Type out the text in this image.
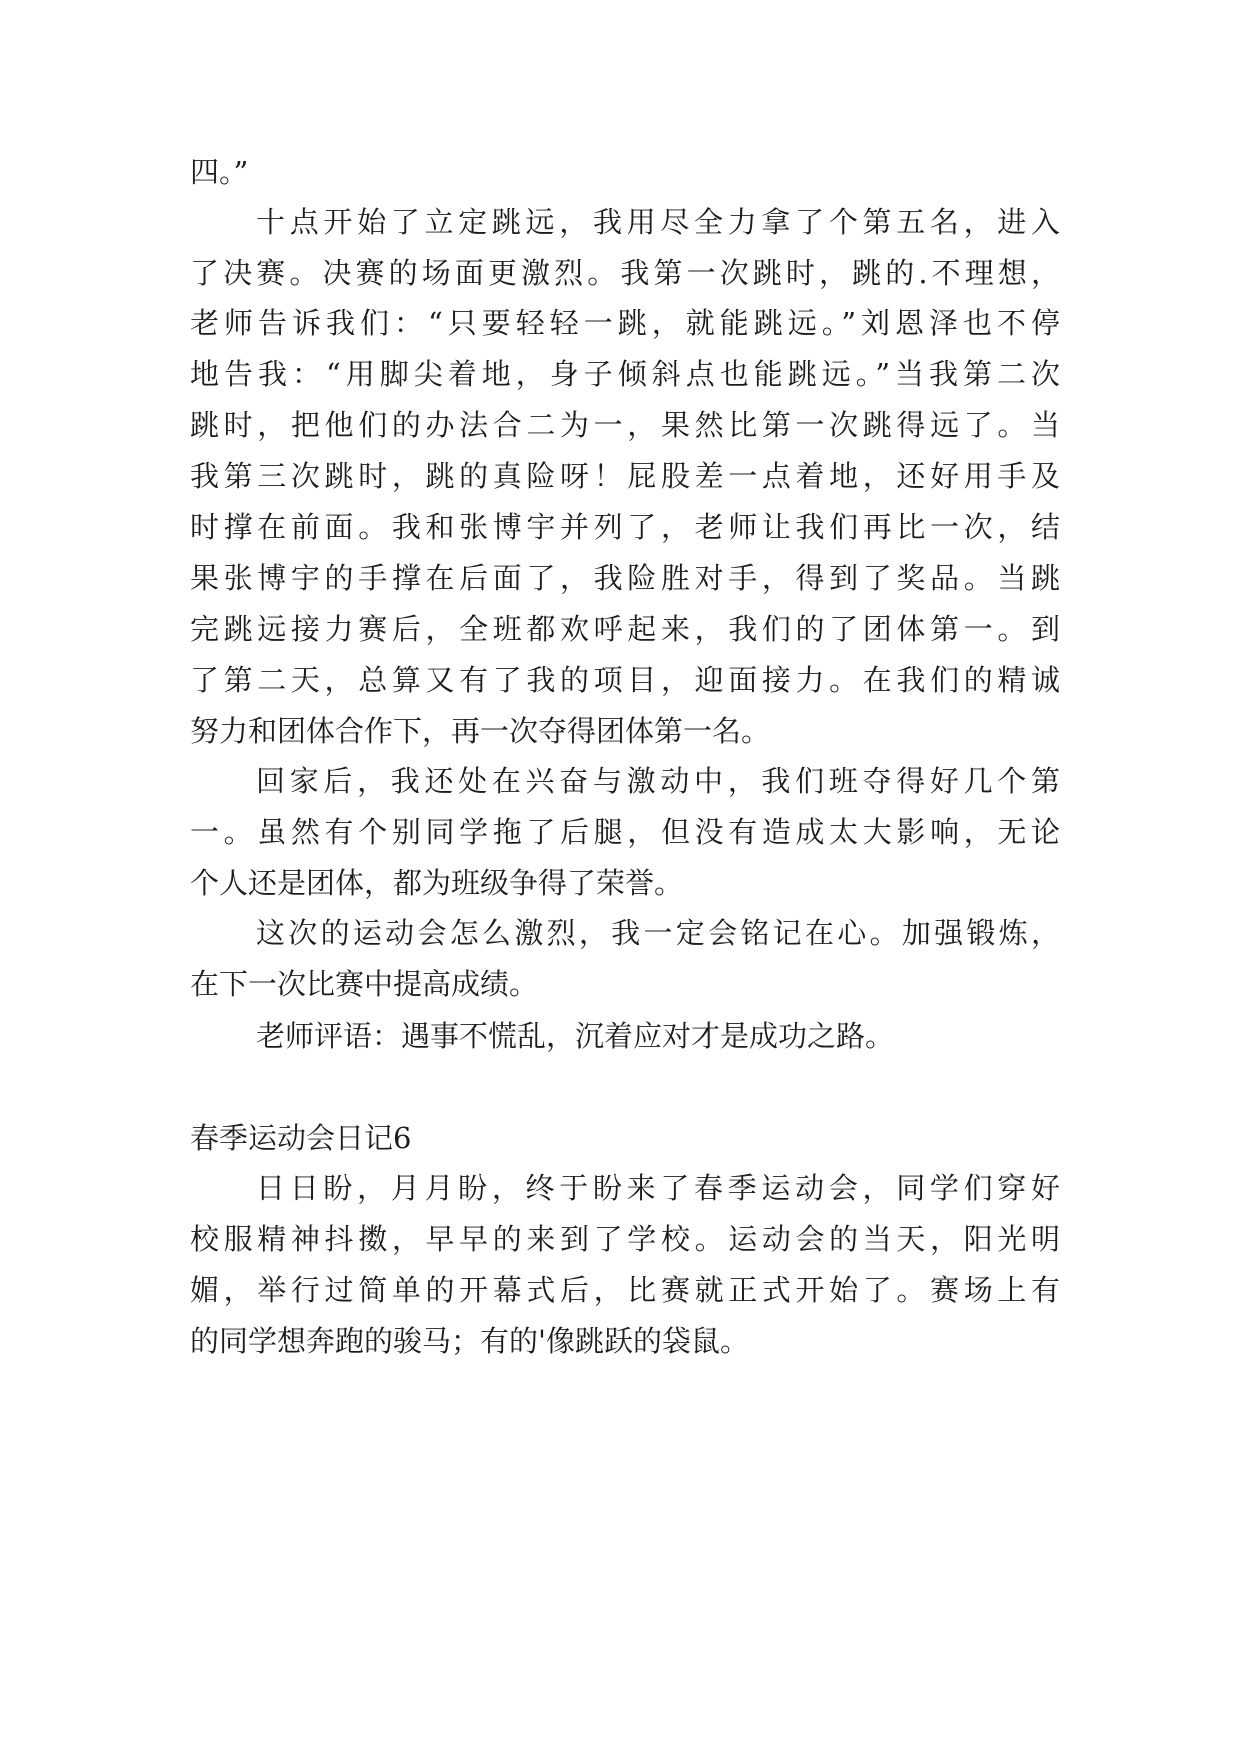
四。”
十点开始了立定跳远，我用尽全力拿了个第五名，进入
了决赛。决赛的场面更激烈。我第一次跳时，跳的.不理想，
老师告诉我们：“只要轻轻一跳，就能跳远。”刘恩泽也不停
地告我：“用脚尖着地，身子倾斜点也能跳远。”当我第二次
跳时，把他们的办法合二为一，果然比第一次跳得远了。当
我第三次跳时，跳的真险呀！屁股差一点着地，还好用手及
时撑在前面。我和张博宇并列了，老师让我们再比一次，结
果张博宇的手撑在后面了，我险胜对手，得到了奖品。当跳
完跳远接力赛后，全班都欢呼起来，我们的了团体第一。到
了第二天，总算又有了我的项目，迎面接力。在我们的精诚
努力和团体合作下，再一次夺得团体第一名。
回家后，我还处在兴奋与激动中，我们班夺得好几个第
一。虽然有个别同学拖了后腿，但没有造成太大影响，无论
个人还是团体，都为班级争得了荣誉。
这次的运动会怎么激烈，我一定会铭记在心。加强锻炼，
在下一次比赛中提高成绩。
老师评语：遇事不慌乱，沉着应对才是成功之路。
春季运动会日记6
日日盼，月月盼，终于盼来了春季运动会，同学们穿好
校服精神抖擞，早早的来到了学校。运动会的当天，阳光明
媚，举行过简单的开幕式后，比赛就正式开始了。赛场上有
的同学想奔跑的骏马；有的'像跳跃的袋鼠。
